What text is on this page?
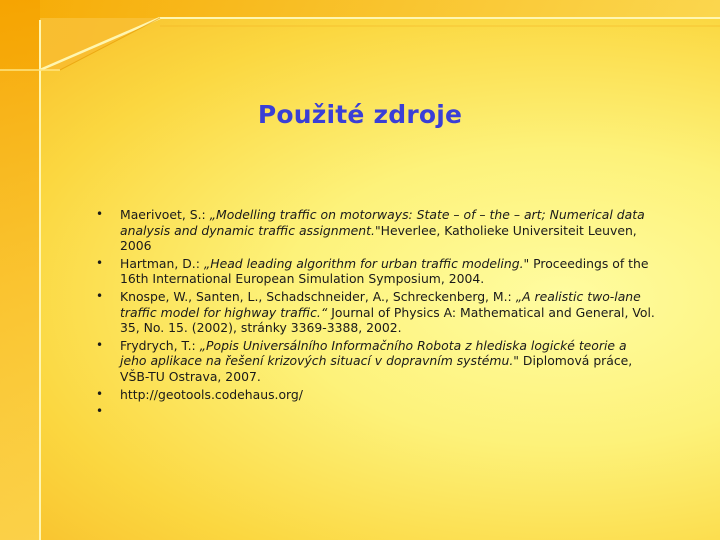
Použité zdroje
• Maerivoet, S.: „Modelling traffic on motorways: State – of – the – art; Numerical data analysis and dynamic traffic assignment."Heverlee, Katholieke Universiteit Leuven, 2006
• Hartman, D.: „Head leading algorithm for urban traffic modeling." Proceedings of the 16th International European Simulation Symposium, 2004.
• Knospe, W., Santen, L., Schadschneider, A., Schreckenberg, M.: „A realistic two-lane traffic model for highway traffic.“ Journal of Physics A: Mathematical and General, Vol. 35, No. 15. (2002), stránky 3369-3388, 2002.
• Frydrych, T.: „Popis Universálního Informačního Robota z hlediska logické teorie a jeho aplikace na řešení krizových situací v dopravním systému." Diplomová práce, VŠB-TU Ostrava, 2007.
• http://geotools.codehaus.org/
•
